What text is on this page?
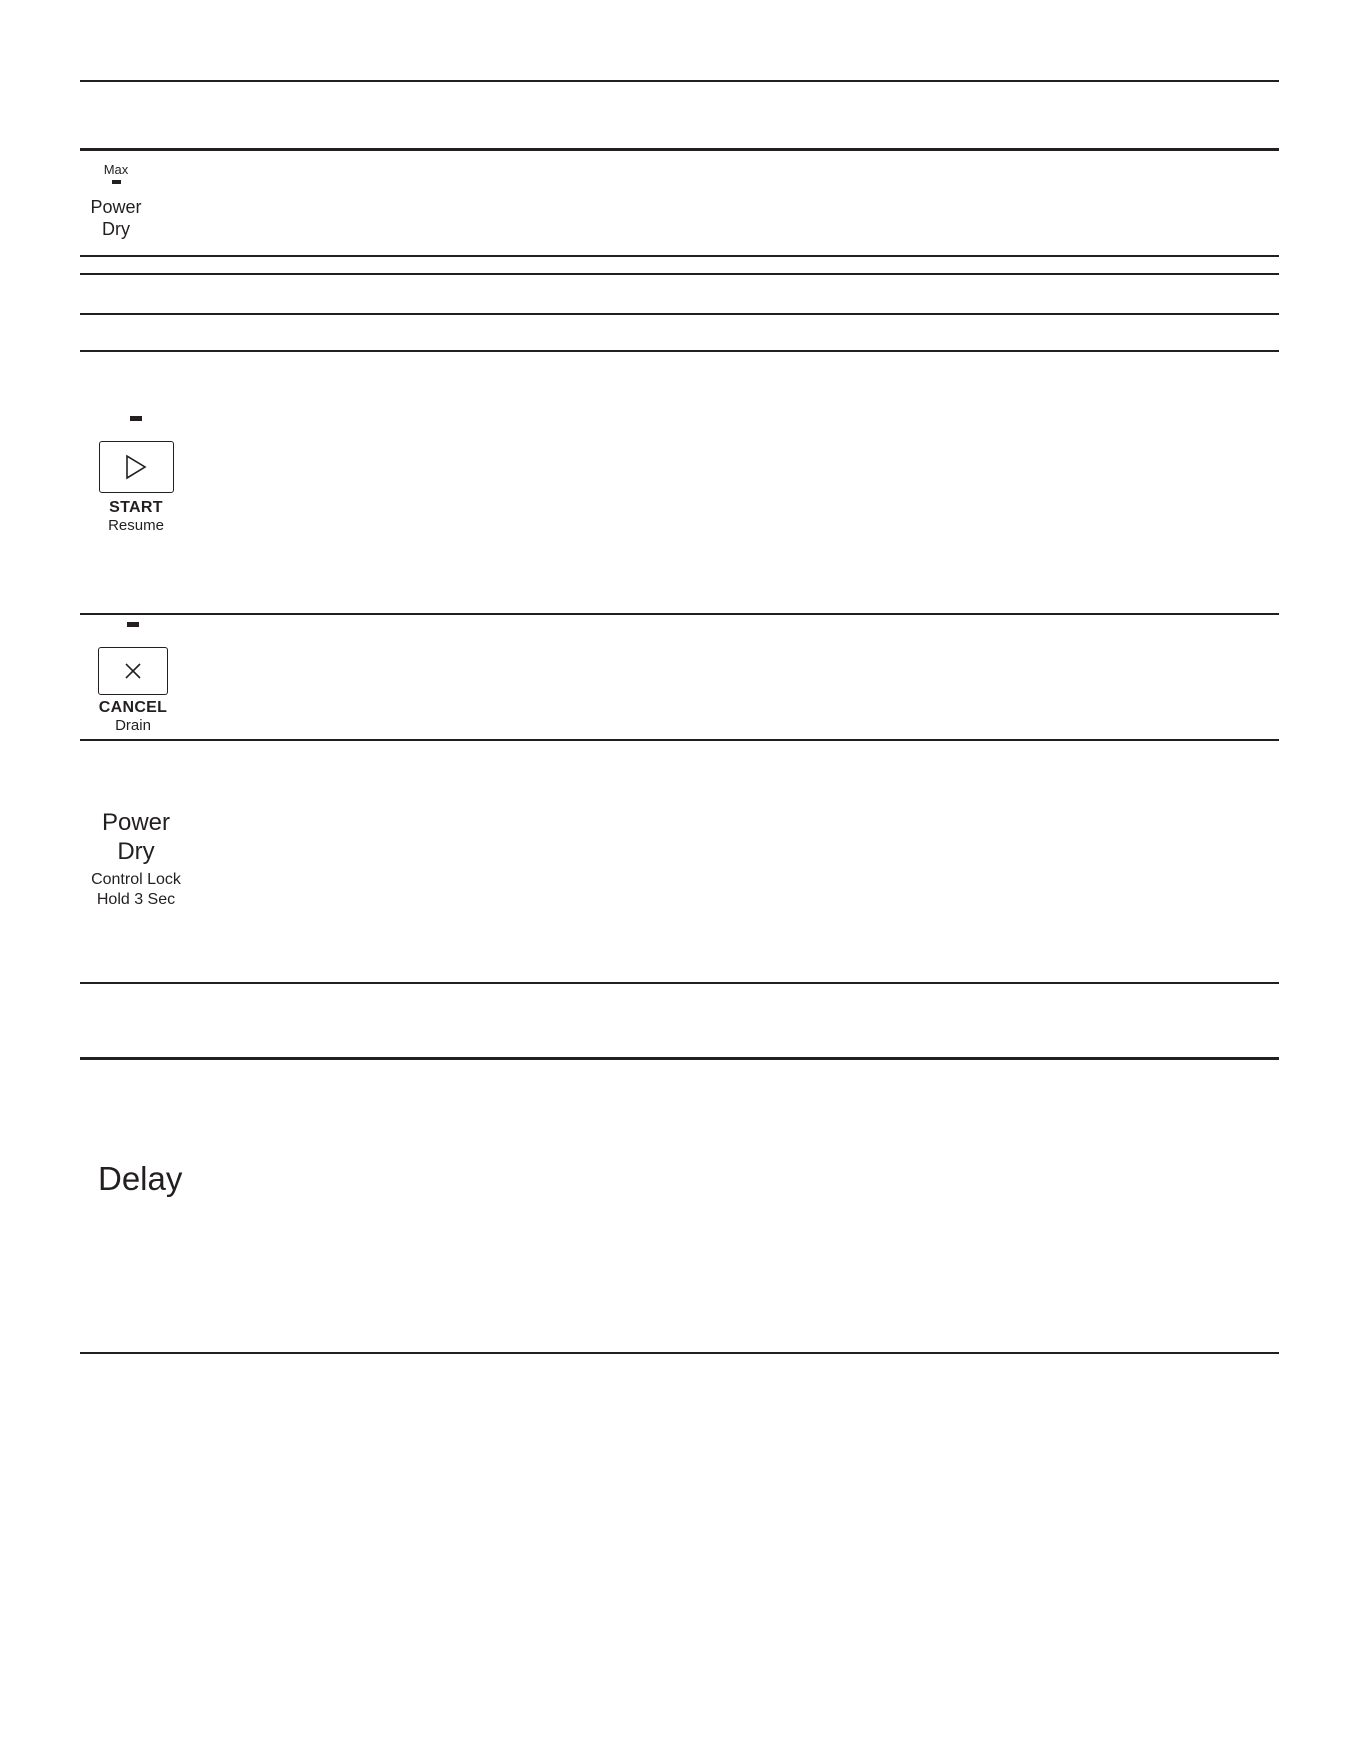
Max
Power
Dry
START
Resume
CANCEL
Drain
Power
Dry
Control Lock
Hold 3 Sec
Delay
